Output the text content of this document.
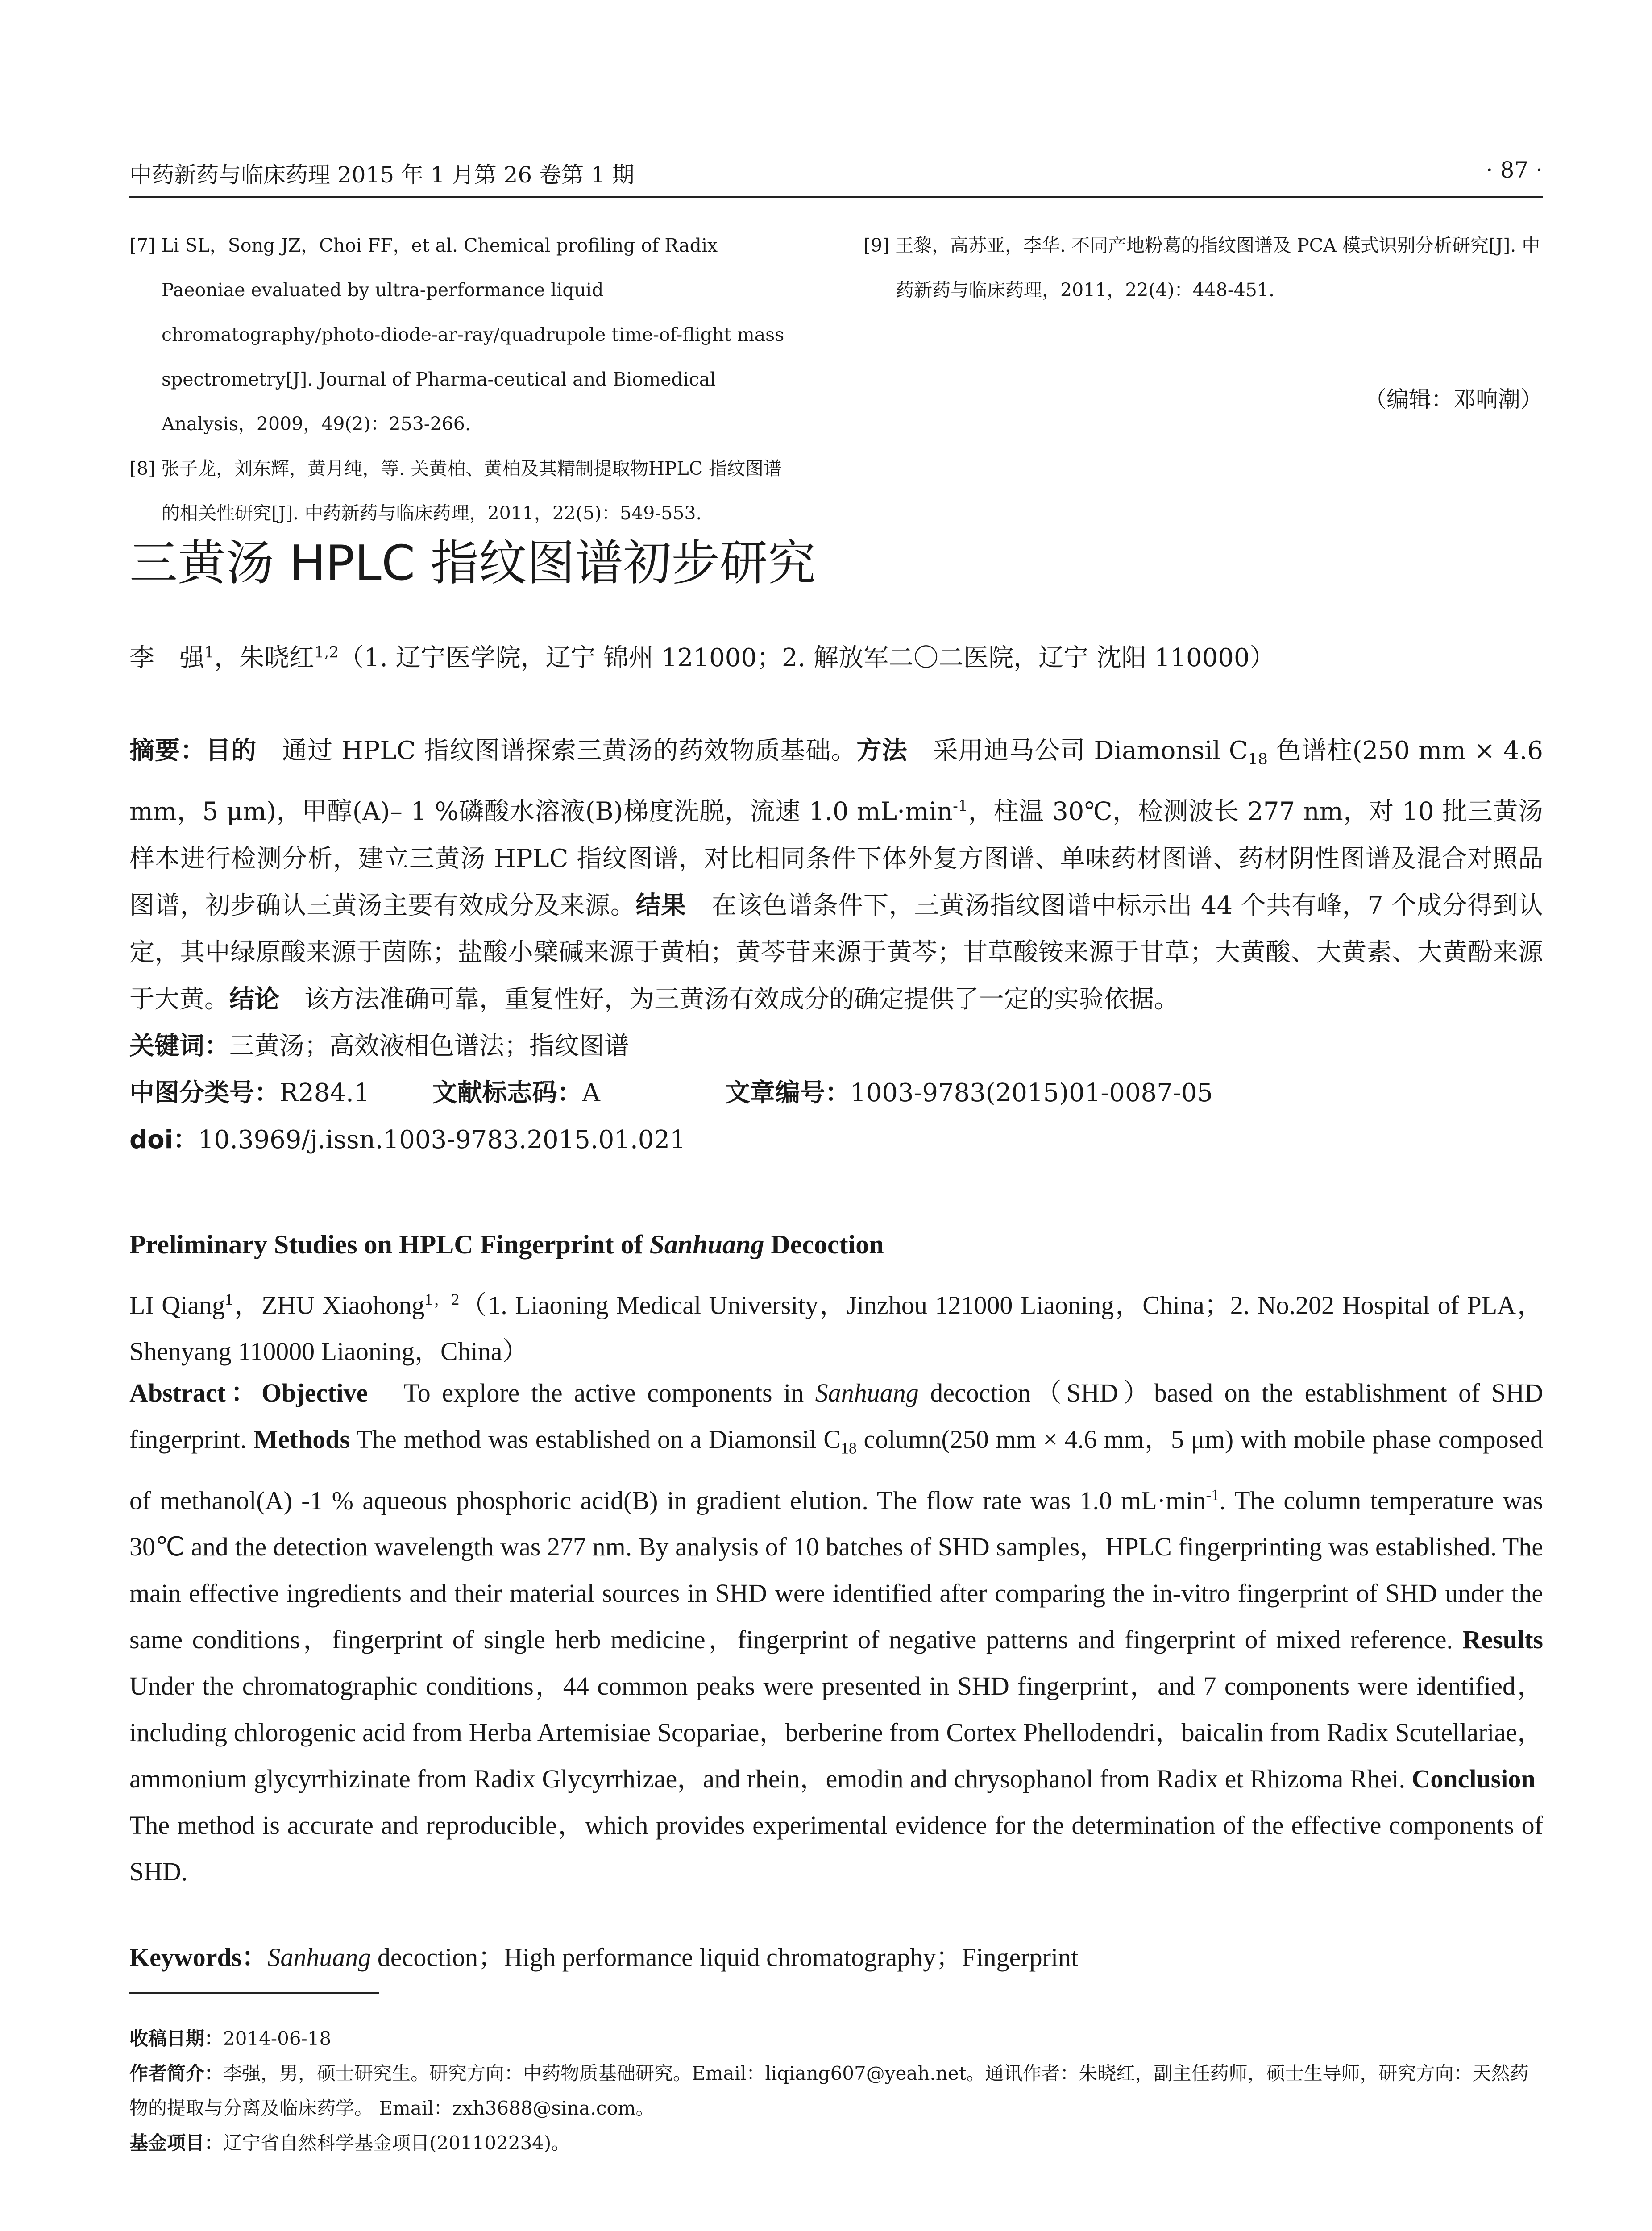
中药新药与临床药理 2015 年 1 月第 26 卷第 1 期	· 87 ·

[7] Li SL，Song JZ，Choi FF，et al. Chemical profiling of Radix Paeoniae evaluated by ultra-performance liquid chromatography/photo-diode-ar-ray/quadrupole time-of-flight mass spectrometry[J]. Journal of Pharma-ceutical and Biomedical Analysis，2009，49(2)：253-266.

[8] 张子龙，刘东辉，黄月纯，等. 关黄柏、黄柏及其精制提取物HPLC 指纹图谱的相关性研究[J]. 中药新药与临床药理，2011，22(5)：549-553.

[9] 王黎，高苏亚，李华. 不同产地粉葛的指纹图谱及 PCA 模式识别分析研究[J]. 中药新药与临床药理，2011，22(4)：448-451.

（编辑：邓响潮）
三黄汤 HPLC 指纹图谱初步研究
李　强$^1$，朱晓红$^{1,2}$（1. 辽宁医学院，辽宁 锦州 121000；2. 解放军二〇二医院，辽宁 沈阳 110000）
摘要：目的　通过 HPLC 指纹图谱探索三黄汤的药效物质基础。方法　采用迪马公司 Diamonsil $C_{18}$ 色谱柱(250 mm × 4.6 mm，5 μm)，甲醇(A)– 1 %磷酸水溶液(B)梯度洗脱，流速 1.0 $mL\cdot\min^{-1}$，柱温 30℃，检测波长 277 nm，对 10 批三黄汤样本进行检测分析，建立三黄汤 HPLC 指纹图谱，对比相同条件下体外复方图谱、单味药材图谱、药材阴性图谱及混合对照品图谱，初步确认三黄汤主要有效成分及来源。结果　在该色谱条件下，三黄汤指纹图谱中标示出 44 个共有峰，7 个成分得到认定，其中绿原酸来源于茵陈；盐酸小檗碱来源于黄柏；黄芩苷来源于黄芩；甘草酸铵来源于甘草；大黄酸、大黄素、大黄酚来源于大黄。结论　该方法准确可靠，重复性好，为三黄汤有效成分的确定提供了一定的实验依据。
关键词：三黄汤；高效液相色谱法；指纹图谱
中图分类号：R284.1	文献标志码：A	文章编号：1003-9783(2015)01-0087-05
doi：10.3969/j.issn.1003-9783.2015.01.021
Preliminary Studies on HPLC Fingerprint of Sanhuang Decoction
LI Qiang$^1$，ZHU Xiaohong$^{1,2}$（1. Liaoning Medical University，Jinzhou 121000 Liaoning，China；2. No.202 Hospital of PLA，Shenyang 110000 Liaoning，China）
Abstract：Objective　To explore the active components in Sanhuang decoction（SHD）based on the establishment of SHD fingerprint. Methods The method was established on a Diamonsil $C_{18}$ column(250 mm × 4.6 mm，5 μm) with mobile phase composed of methanol(A) -1 % aqueous phosphoric acid(B) in gradient elution. The flow rate was 1.0 $mL\cdot\min^{-1}$. The column temperature was 30℃ and the detection wavelength was 277 nm. By analysis of 10 batches of SHD samples，HPLC fingerprinting was established. The main effective ingredients and their material sources in SHD were identified after comparing the in-vitro fingerprint of SHD under the same conditions，fingerprint of single herb medicine，fingerprint of negative patterns and fingerprint of mixed reference. Results Under the chromatographic conditions，44 common peaks were presented in SHD fingerprint，and 7 components were identified，including chlorogenic acid from Herba Artemisiae Scopariae，berberine from Cortex Phellodendri，baicalin from Radix Scutellariae，ammonium glycyrrhizinate from Radix Glycyrrhizae，and rhein，emodin and chrysophanol from Radix et Rhizoma Rhei. Conclusion　The method is accurate and reproducible，which provides experimental evidence for the determination of the effective components of SHD.
Keywords：Sanhuang decoction；High performance liquid chromatography；Fingerprint
收稿日期：2014-06-18
作者简介：李强，男，硕士研究生。研究方向：中药物质基础研究。Email：liqiang607@yeah.net。通讯作者：朱晓红，副主任药师，硕士生导师，研究方向：天然药物的提取与分离及临床药学。 Email：zxh3688@sina.com。
基金项目：辽宁省自然科学基金项目(201102234)。
